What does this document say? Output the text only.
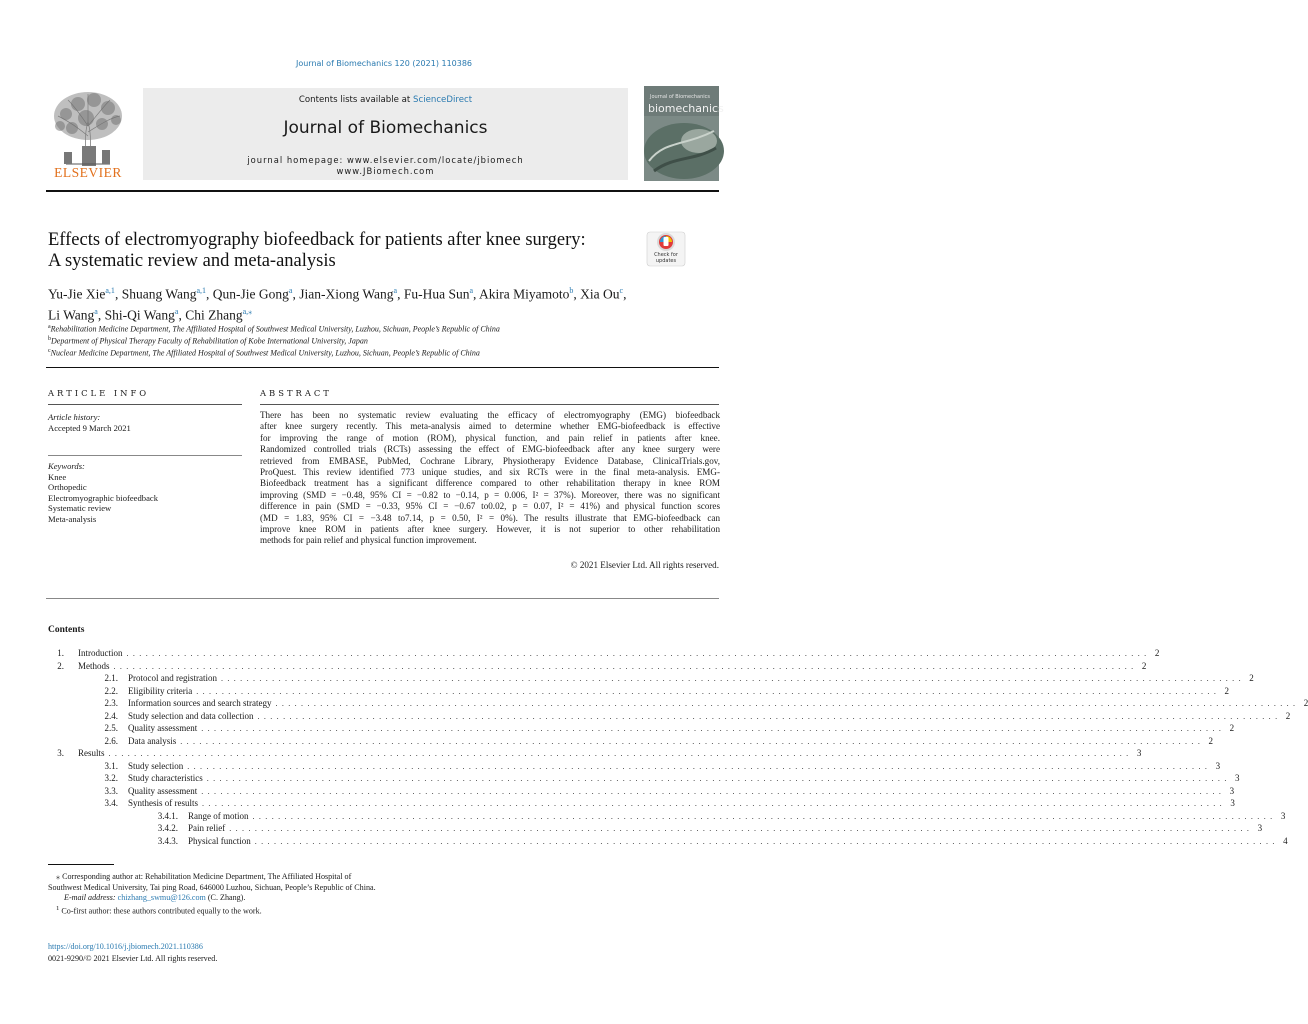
Journal of Biomechanics 120 (2021) 110386
ELSEVIER
Contents lists available at ScienceDirect
Journal of Biomechanics
journal homepage: www.elsevier.com/locate/jbiomech
www.JBiomech.com
Journal of Biomechanics
biomechanics
Effects of electromyography biofeedback for patients after knee surgery:
A systematic review and meta-analysis	Check for
updates
Yu-Jie Xie$^{a,1}$, Shuang Wang$^{a,1}$, Qun-Jie Gong$^a$, Jian-Xiong Wang$^a$, Fu-Hua Sun$^a$, Akira Miyamoto$^b$, Xia Ou$^c$,
Li Wang$^a$, Shi-Qi Wang$^a$, Chi Zhang$^{a,⁎}$
$^a$Rehabilitation Medicine Department, The Affiliated Hospital of Southwest Medical University, Luzhou, Sichuan, People’s Republic of China
$^b$Department of Physical Therapy Faculty of Rehabilitation of Kobe International University, Japan
$^c$Nuclear Medicine Department, The Affiliated Hospital of Southwest Medical University, Luzhou, Sichuan, People’s Republic of China
ARTICLE INFO
Article history:
Accepted 9 March 2021
Keywords:
Knee
Orthopedic
Electromyographic biofeedback
Systematic review
Meta-analysis
ABSTRACT
There has been no systematic review evaluating the efficacy of electromyography (EMG) biofeedback
after knee surgery recently. This meta-analysis aimed to determine whether EMG-biofeedback is effective
for improving the range of motion (ROM), physical function, and pain relief in patients after knee.
Randomized controlled trials (RCTs) assessing the effect of EMG-biofeedback after any knee surgery were
retrieved from EMBASE, PubMed, Cochrane Library, Physiotherapy Evidence Database, ClinicalTrials.gov,
ProQuest. This review identified 773 unique studies, and six RCTs were in the final meta-analysis. EMG-
Biofeedback treatment has a significant difference compared to other rehabilitation therapy in knee ROM
improving (SMD = −0.48, 95% CI = −0.82 to −0.14, p = 0.006, I² = 37%). Moreover, there was no significant
difference in pain (SMD = −0.33, 95% CI = −0.67 to0.02, p = 0.07, I² = 41%) and physical function scores
(MD = 1.83, 95% CI = −3.48 to7.14, p = 0.50, I² = 0%). The results illustrate that EMG-biofeedback can
improve knee ROM in patients after knee surgery. However, it is not superior to other rehabilitation
methods for pain relief and physical function improvement.
© 2021 Elsevier Ltd. All rights reserved.
Contents
1.	Introduction . . . . . . . . . . . . . . . . . . . . . . . . . . . . . . . . . . . . . . . . . . . . . . . . . . . . . . . . . . . . . . . . . . . . . . . . . . . . . . . . . . . . . . . . . . . . . . . . . . . . . . . . . . . . . . . . . . . . . . . . . . . . . . . . . . . . . . . . . . . . . . . . . . . . . . . . . . . . . . . . 2
2.	Methods . . . . . . . . . . . . . . . . . . . . . . . . . . . . . . . . . . . . . . . . . . . . . . . . . . . . . . . . . . . . . . . . . . . . . . . . . . . . . . . . . . . . . . . . . . . . . . . . . . . . . . . . . . . . . . . . . . . . . . . . . . . . . . . . . . . . . . . . . . . . . . . . . . . . . . . . . . . . . . . . 2
2.1.	Protocol and registration . . . . . . . . . . . . . . . . . . . . . . . . . . . . . . . . . . . . . . . . . . . . . . . . . . . . . . . . . . . . . . . . . . . . . . . . . . . . . . . . . . . . . . . . . . . . . . . . . . . . . . . . . . . . . . . . . . . . . . . . . . . . . . . . . . . . . . . . . . . . . . . . . . . . . . . . . . . . . . . . 2
2.2.	Eligibility criteria . . . . . . . . . . . . . . . . . . . . . . . . . . . . . . . . . . . . . . . . . . . . . . . . . . . . . . . . . . . . . . . . . . . . . . . . . . . . . . . . . . . . . . . . . . . . . . . . . . . . . . . . . . . . . . . . . . . . . . . . . . . . . . . . . . . . . . . . . . . . . . . . . . . . . . . . . . . . . . . . 2
2.3.	Information sources and search strategy . . . . . . . . . . . . . . . . . . . . . . . . . . . . . . . . . . . . . . . . . . . . . . . . . . . . . . . . . . . . . . . . . . . . . . . . . . . . . . . . . . . . . . . . . . . . . . . . . . . . . . . . . . . . . . . . . . . . . . . . . . . . . . . . . . . . . . . . . . . . . . . . . . . . . . . . . . . . . . . . 2
2.4.	Study selection and data collection . . . . . . . . . . . . . . . . . . . . . . . . . . . . . . . . . . . . . . . . . . . . . . . . . . . . . . . . . . . . . . . . . . . . . . . . . . . . . . . . . . . . . . . . . . . . . . . . . . . . . . . . . . . . . . . . . . . . . . . . . . . . . . . . . . . . . . . . . . . . . . . . . . . . . . . . . . . . . . . . 2
2.5.	Quality assessment . . . . . . . . . . . . . . . . . . . . . . . . . . . . . . . . . . . . . . . . . . . . . . . . . . . . . . . . . . . . . . . . . . . . . . . . . . . . . . . . . . . . . . . . . . . . . . . . . . . . . . . . . . . . . . . . . . . . . . . . . . . . . . . . . . . . . . . . . . . . . . . . . . . . . . . . . . . . . . . . 2
2.6.	Data analysis . . . . . . . . . . . . . . . . . . . . . . . . . . . . . . . . . . . . . . . . . . . . . . . . . . . . . . . . . . . . . . . . . . . . . . . . . . . . . . . . . . . . . . . . . . . . . . . . . . . . . . . . . . . . . . . . . . . . . . . . . . . . . . . . . . . . . . . . . . . . . . . . . . . . . . . . . . . . . . . . 2
3.	Results . . . . . . . . . . . . . . . . . . . . . . . . . . . . . . . . . . . . . . . . . . . . . . . . . . . . . . . . . . . . . . . . . . . . . . . . . . . . . . . . . . . . . . . . . . . . . . . . . . . . . . . . . . . . . . . . . . . . . . . . . . . . . . . . . . . . . . . . . . . . . . . . . . . . . . . . . . . . . . . . 3
3.1.	Study selection . . . . . . . . . . . . . . . . . . . . . . . . . . . . . . . . . . . . . . . . . . . . . . . . . . . . . . . . . . . . . . . . . . . . . . . . . . . . . . . . . . . . . . . . . . . . . . . . . . . . . . . . . . . . . . . . . . . . . . . . . . . . . . . . . . . . . . . . . . . . . . . . . . . . . . . . . . . . . . . . 3
3.2.	Study characteristics . . . . . . . . . . . . . . . . . . . . . . . . . . . . . . . . . . . . . . . . . . . . . . . . . . . . . . . . . . . . . . . . . . . . . . . . . . . . . . . . . . . . . . . . . . . . . . . . . . . . . . . . . . . . . . . . . . . . . . . . . . . . . . . . . . . . . . . . . . . . . . . . . . . . . . . . . . . . . . . . 3
3.3.	Quality assessment . . . . . . . . . . . . . . . . . . . . . . . . . . . . . . . . . . . . . . . . . . . . . . . . . . . . . . . . . . . . . . . . . . . . . . . . . . . . . . . . . . . . . . . . . . . . . . . . . . . . . . . . . . . . . . . . . . . . . . . . . . . . . . . . . . . . . . . . . . . . . . . . . . . . . . . . . . . . . . . . 3
3.4.	Synthesis of results . . . . . . . . . . . . . . . . . . . . . . . . . . . . . . . . . . . . . . . . . . . . . . . . . . . . . . . . . . . . . . . . . . . . . . . . . . . . . . . . . . . . . . . . . . . . . . . . . . . . . . . . . . . . . . . . . . . . . . . . . . . . . . . . . . . . . . . . . . . . . . . . . . . . . . . . . . . . . . . . 3
3.4.1.	Range of motion . . . . . . . . . . . . . . . . . . . . . . . . . . . . . . . . . . . . . . . . . . . . . . . . . . . . . . . . . . . . . . . . . . . . . . . . . . . . . . . . . . . . . . . . . . . . . . . . . . . . . . . . . . . . . . . . . . . . . . . . . . . . . . . . . . . . . . . . . . . . . . . . . . . . . . . . . . . . . . . . 3
3.4.2.	Pain relief . . . . . . . . . . . . . . . . . . . . . . . . . . . . . . . . . . . . . . . . . . . . . . . . . . . . . . . . . . . . . . . . . . . . . . . . . . . . . . . . . . . . . . . . . . . . . . . . . . . . . . . . . . . . . . . . . . . . . . . . . . . . . . . . . . . . . . . . . . . . . . . . . . . . . . . . . . . . . . . . 3
3.4.3.	Physical function . . . . . . . . . . . . . . . . . . . . . . . . . . . . . . . . . . . . . . . . . . . . . . . . . . . . . . . . . . . . . . . . . . . . . . . . . . . . . . . . . . . . . . . . . . . . . . . . . . . . . . . . . . . . . . . . . . . . . . . . . . . . . . . . . . . . . . . . . . . . . . . . . . . . . . . . . . . . . . . . 4
⁎ Corresponding author at: Rehabilitation Medicine Department, The Affiliated Hospital of Southwest Medical University, Tai ping Road, 646000 Luzhou, Sichuan, People’s Republic of China.
E-mail address: chizhang_swmu@126.com (C. Zhang).
$^1$ Co-first author: these authors contributed equally to the work.
https://doi.org/10.1016/j.jbiomech.2021.110386
0021-9290/© 2021 Elsevier Ltd. All rights reserved.
